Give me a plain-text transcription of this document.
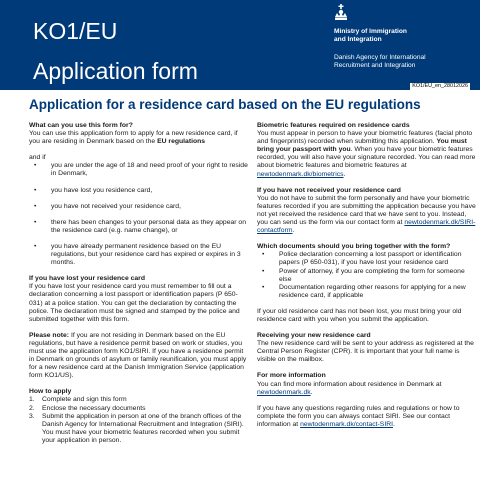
KO1/EU
Application form
Ministry of Immigration
and Integration
Danish Agency for International
Recruitment and Integration
KO1/EU_en_28012026
Application for a residence card based on the EU regulations
What can you use this form for?

You can use this application form to apply for a new residence card, if you are residing in Denmark based on the EU regulations

and if

• you are under the age of 18 and need proof of your right to reside in Denmark,
• you have lost you residence card,
• you have not received your residence card,
• there has been changes to your personal data as they appear on the residence card (e.g. name change), or
• you have already permanent residence based on the EU regulations, but your residence card has expired or expires in 3 months.
If you have lost your residence card

If you have lost your residence card you must remember to fill out a declaration concerning a lost passport or identification papers (P 650-031) at a police station. You can get the declaration by contacting the police. The declaration must be signed and stamped by the police and submitted together with this form.

Please note: If you are not residing in Denmark based on the EU regulations, but have a residence permit based on work or studies, you must use the application form KO1/SIRI. If you have a residence permit in Denmark on grounds of asylum or family reunification, you must apply for a new residence card at the Danish Immigration Service (application form KO1/US).

How to apply
1. Complete and sign this form
2. Enclose the necessary documents
3. Submit the application in person at one of the branch offices of the Danish Agency for International Recruitment and Integration (SIRI). You must have your biometric features recorded when you submit your application in person.
Biometric features required on residence cards

You must appear in person to have your biometric features (facial photo and fingerprints) recorded when submitting this application. You must bring your passport with you. When you have your biometric features recorded, you will also have your signature recorded. You can read more about biometric features and biometric features at newtodenmark.dk/biometrics.

If you have not received your residence card

You do not have to submit the form personally and have your biometric features recorded if you are submitting the application because you have not yet received the residence card that we have sent to you. Instead, you can send us the form via our contact form at newtodenmark.dk/SIRI-contactform.

Which documents should you bring together with the form?
• Police declaration concerning a lost passport or identification papers (P 650-031), if you have lost your residence card
• Power of attorney, if you are completing the form for someone else
• Documentation regarding other reasons for applying for a new residence card, if applicable

If your old residence card has not been lost, you must bring your old residence card with you when you submit the application.

Receiving your new residence card

The new residence card will be sent to your address as registered at the Central Person Register (CPR). It is important that your full name is visible on the mailbox.

For more information

You can find more information about residence in Denmark at newtodenmark.dk.

If you have any questions regarding rules and regulations or how to complete the form you can always contact SIRI. See our contact information at newtodenmark.dk/contact-SIRI.
